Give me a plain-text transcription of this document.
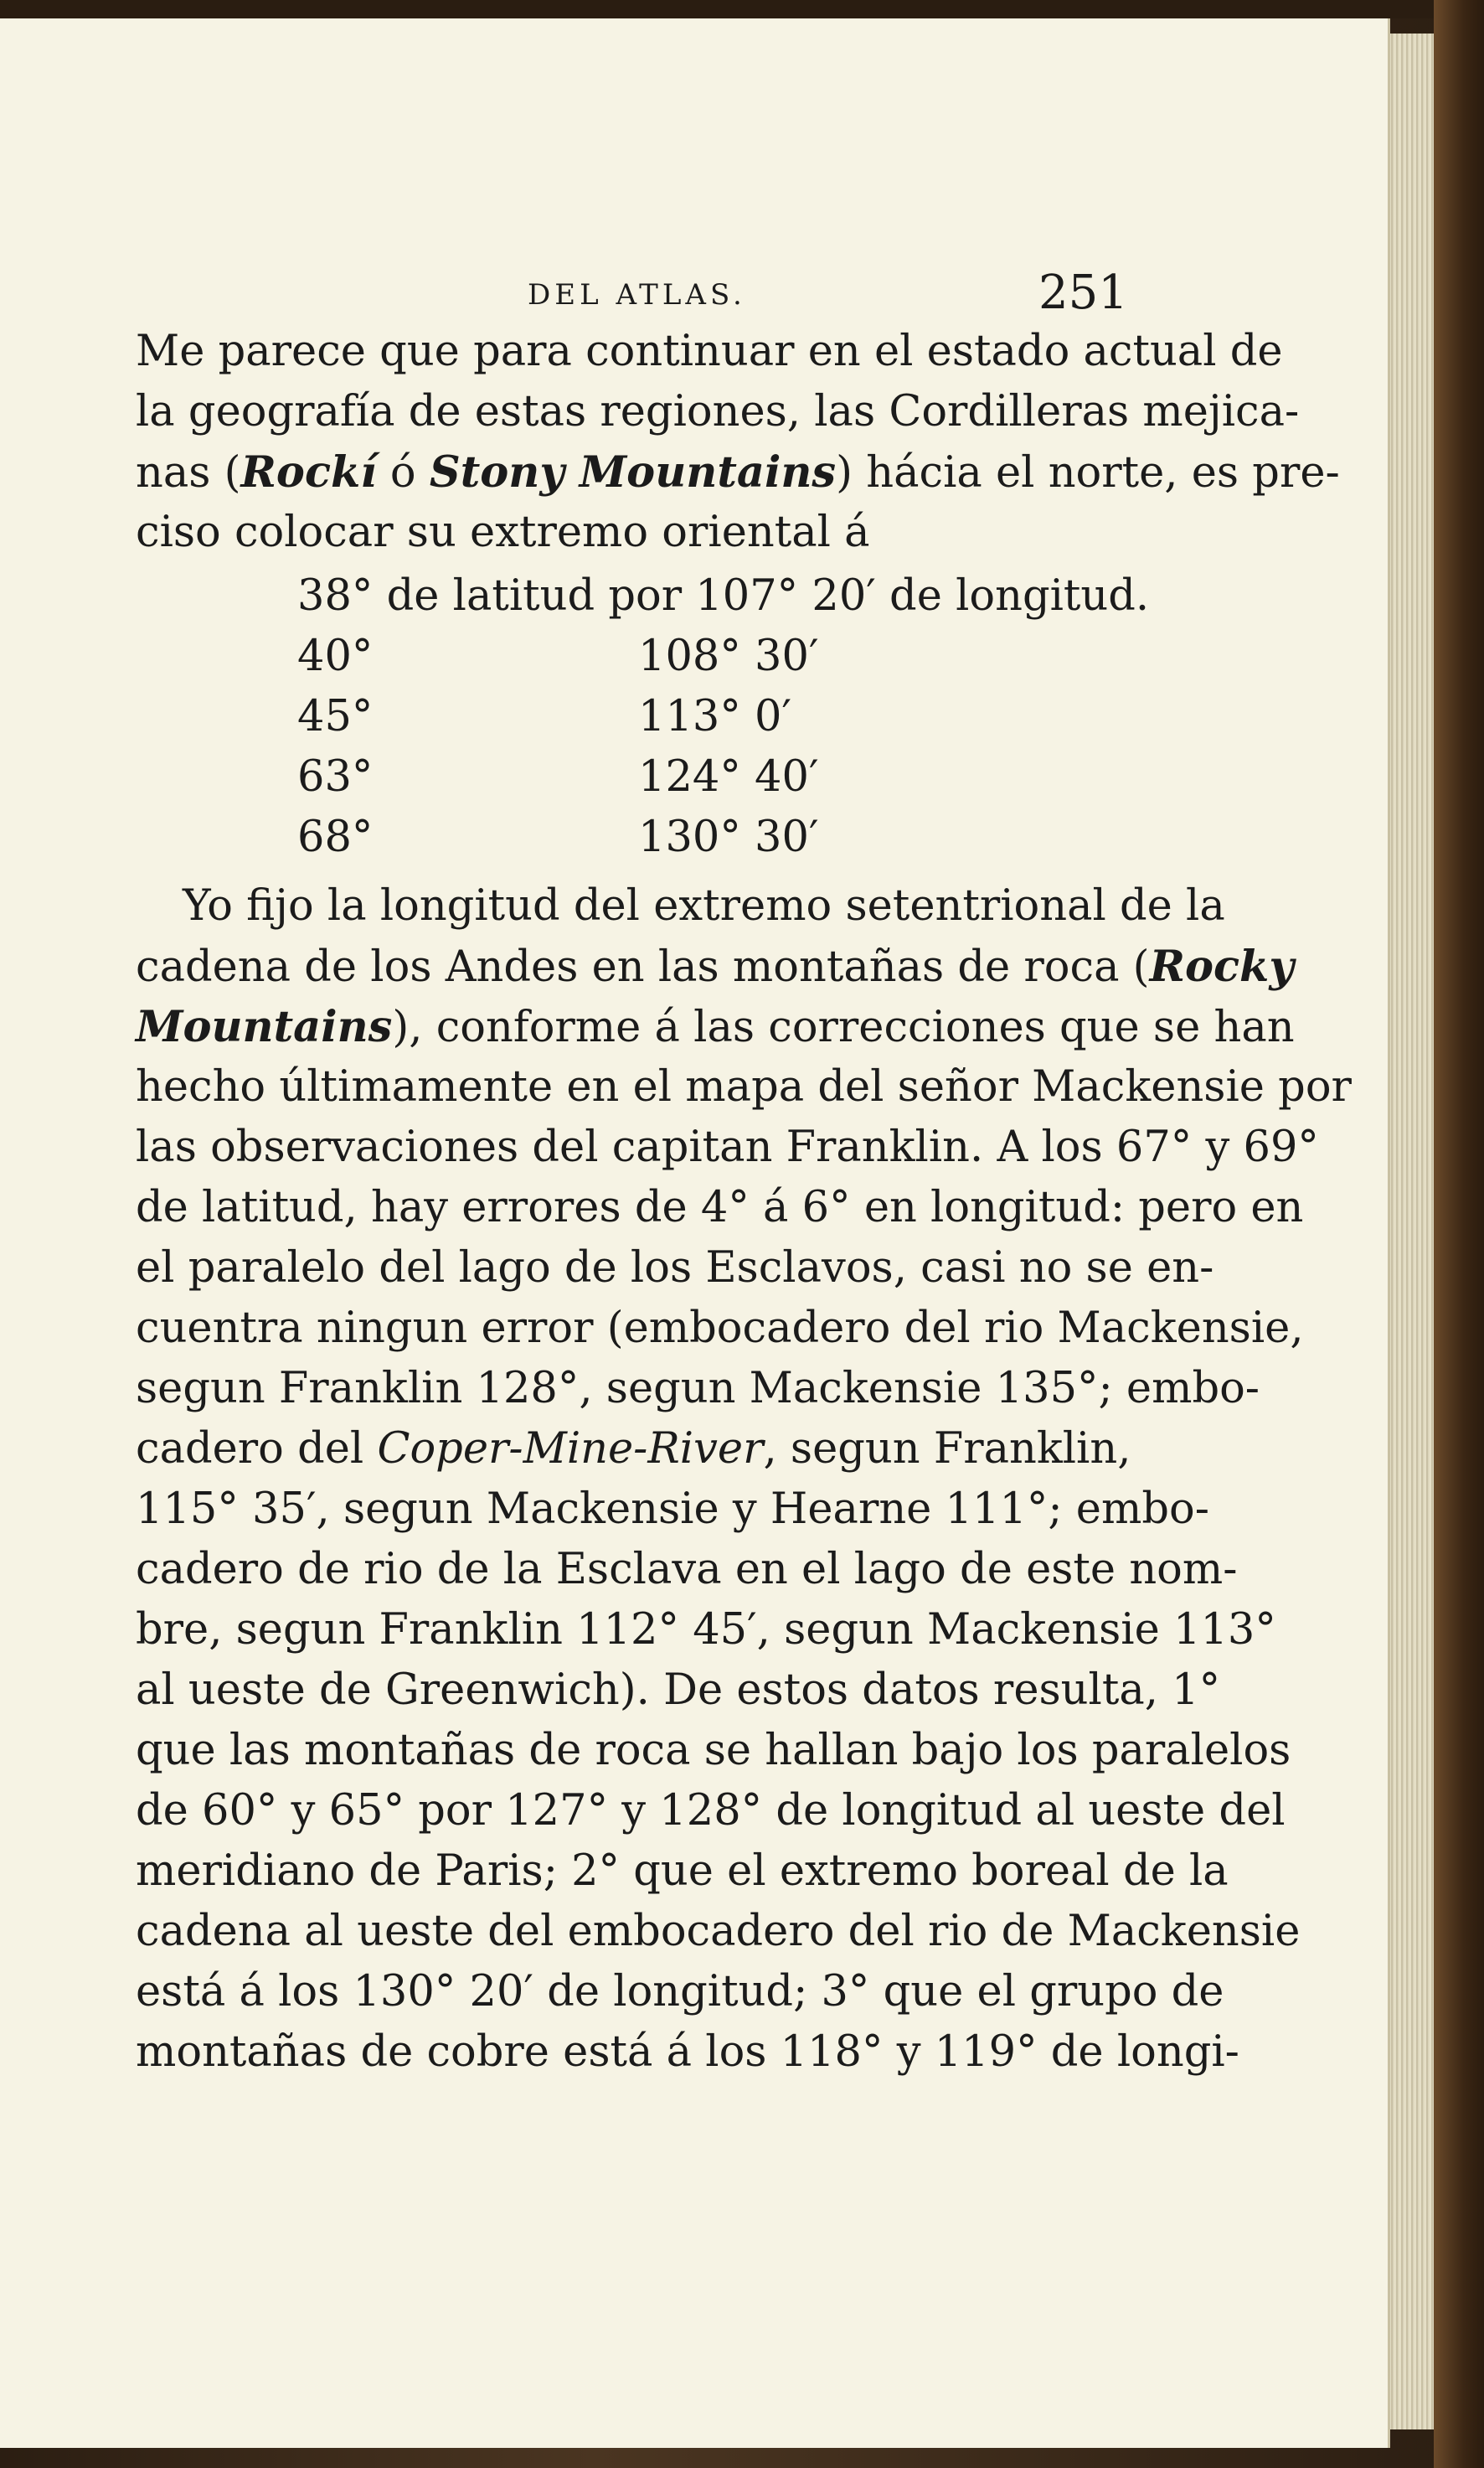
DEL ATLAS.	251
Me parece que para continuar en el estado actual de
la geografía de estas regiones, las Cordilleras mejica-
nas (Rockí ó Stony Mountains) hácia el norte, es pre-
ciso colocar su extremo oriental á
38° de latitud por 107° 20′ de longitud.
40°	108° 30′
45°	113° 0′
63°	124° 40′
68°	130° 30′
Yo fijo la longitud del extremo setentrional de la
cadena de los Andes en las montañas de roca (Rocky
Mountains), conforme á las correcciones que se han
hecho últimamente en el mapa del señor Mackensie por
las observaciones del capitan Franklin. A los 67° y 69°
de latitud, hay errores de 4° á 6° en longitud: pero en
el paralelo del lago de los Esclavos, casi no se en-
cuentra ningun error (embocadero del rio Mackensie,
segun Franklin 128°, segun Mackensie 135°; embo-
cadero del Coper-Mine-River, segun Franklin,
115° 35′, segun Mackensie y Hearne 111°; embo-
cadero de rio de la Esclava en el lago de este nom-
bre, segun Franklin 112° 45′, segun Mackensie 113°
al ueste de Greenwich). De estos datos resulta, 1°
que las montañas de roca se hallan bajo los paralelos
de 60° y 65° por 127° y 128° de longitud al ueste del
meridiano de Paris; 2° que el extremo boreal de la
cadena al ueste del embocadero del rio de Mackensie
está á los 130° 20′ de longitud; 3° que el grupo de
montañas de cobre está á los 118° y 119° de longi-
